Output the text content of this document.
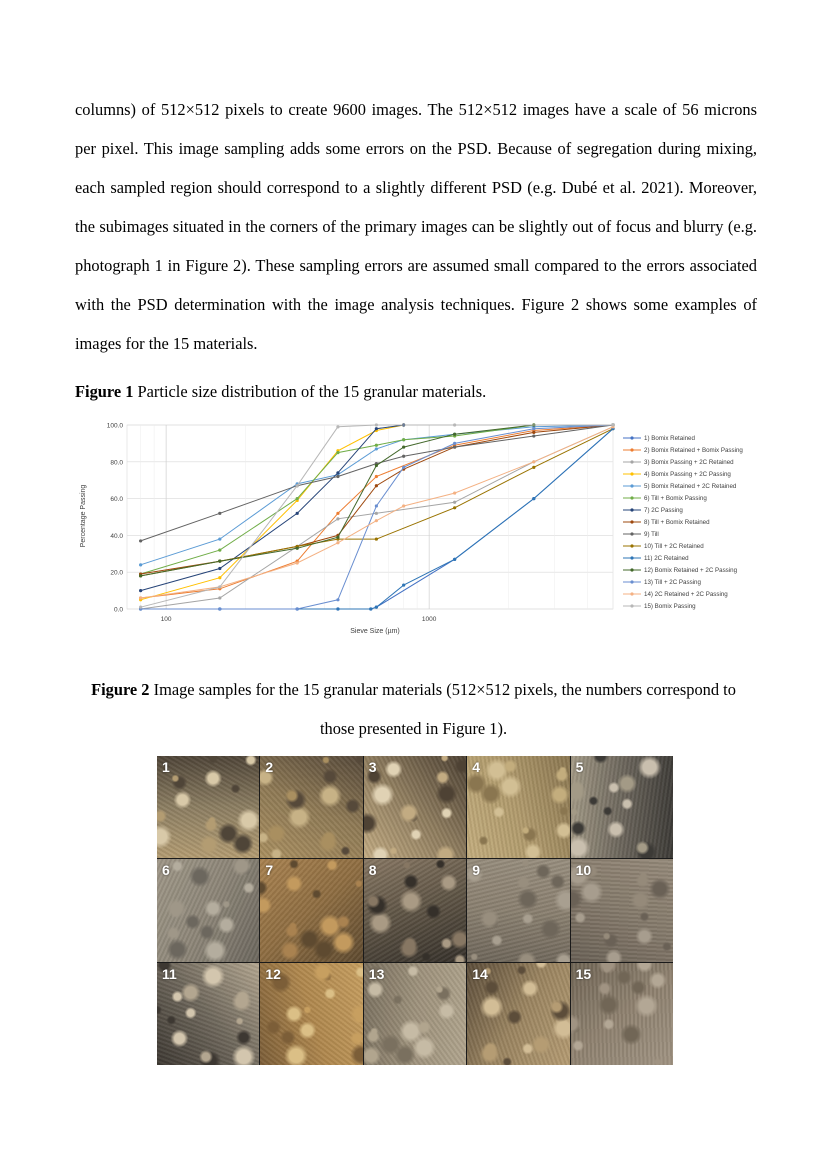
columns) of 512×512 pixels to create 9600 images. The 512×512 images have a scale of 56 microns
per pixel. This image sampling adds some errors on the PSD. Because of segregation during mixing,
each sampled region should correspond to a slightly different PSD (e.g. Dubé et al. 2021). Moreover,
the subimages situated in the corners of the primary images can be slightly out of focus and blurry (e.g.
photograph 1 in Figure 2). These sampling errors are assumed small compared to the errors associated
with the PSD determination with the image analysis techniques. Figure 2 shows some examples of
images for the 15 materials.
Figure 1 Particle size distribution of the 15 granular materials.
0.0
20.0
40.0
60.0
80.0
100.0
100	1000
1) Bomix Retained
2) Bomix Retained + Bomix Passing
3) Bomix Passing + 2C Retained
4) Bomix Passing + 2C Passing
5) Bomix Retained + 2C Retained
6) Till + Bomix Passing
7) 2C Passing
8) Till + Bomix Retained
9) Till
10) Till + 2C Retained
11) 2C Retained
12) Bomix Retained + 2C Passing
13) Till + 2C Passing
14) 2C Retained + 2C Passing
15) Bomix Passing
Sieve Size (µm)
Percentage Passing
Figure 2 Image samples for the 15 granular materials (512×512 pixels, the numbers correspond to
those presented in Figure 1).
1	2	3	4	5
6	7	8	9	10
11	12	13	14	15
